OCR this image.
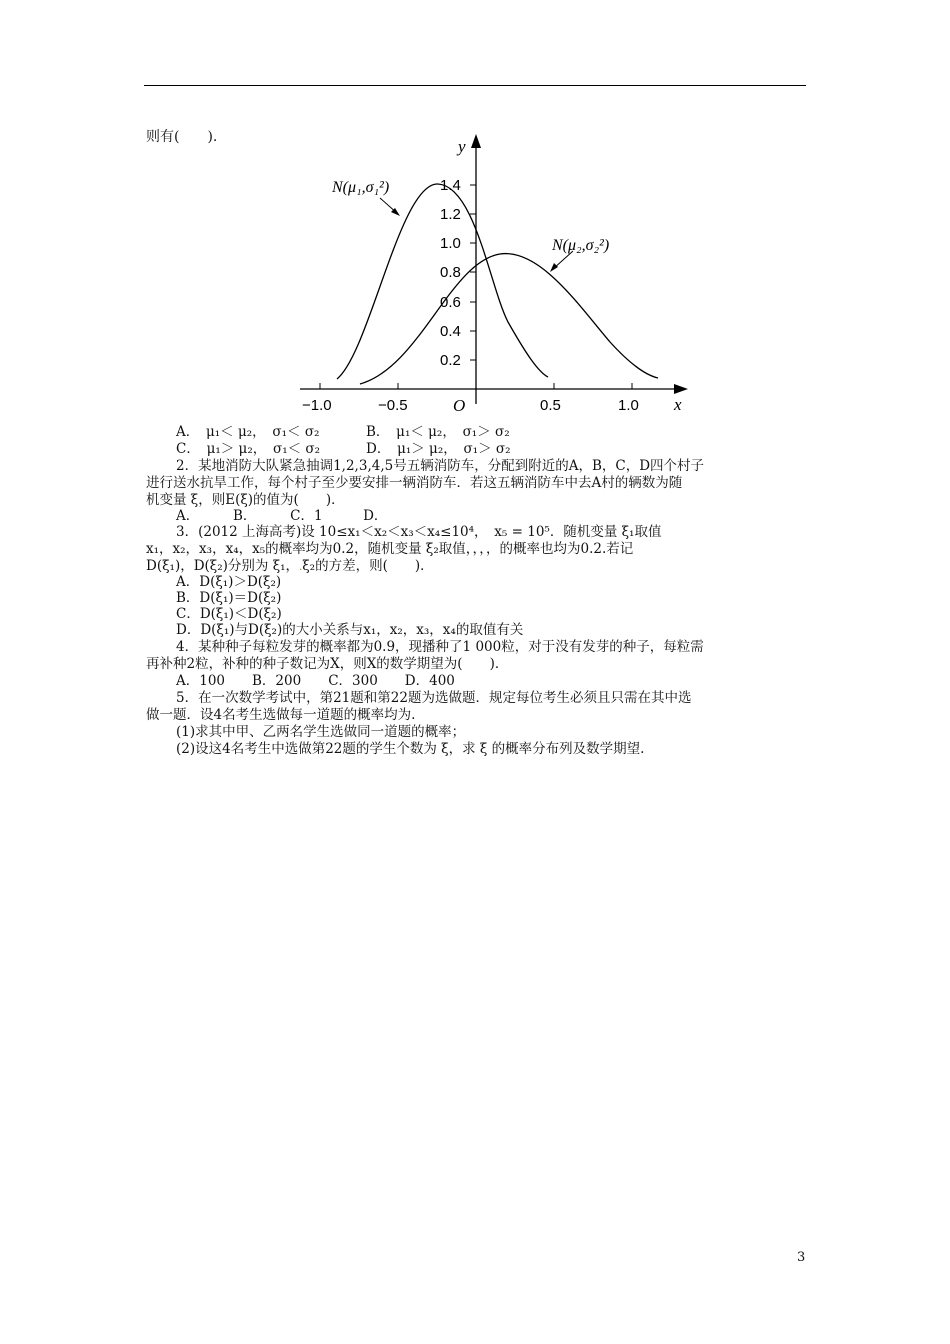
则有(　　).	y
x
O
1.4
1.2
1.0
0.8
0.6
0.4
0.2
−1.0	−0.5	0.5	1.0
N(μ₁,σ₁²)
N(μ₂,σ₂²)
A．　μ₁＜ μ₂，　σ₁＜ σ₂	B．　μ₁＜ μ₂，　σ₁＞ σ₂
C．　μ₁＞ μ₂，　σ₁＜ σ₂	D．　μ₁＞ μ₂，　σ₁＞ σ₂
2．某地消防大队紧急抽调1,2,3,4,5号五辆消防车，分配到附近的A，B，C，D四个村子
进行送水抗旱工作，每个村子至少要安排一辆消防车．若这五辆消防车中去A村的辆数为随
机变量 ξ，则E(ξ)的值为(　　)．
A．　　　B．　　　C．1　　　D．
3．(2012 上海高考)设 10≤x₁＜x₂＜x₃＜x₄≤10⁴，　x₅ = 10⁵．随机变量 ξ₁取值
x₁，x₂，x₃，x₄，x₅的概率均为0.2，随机变量 ξ₂取值，，，，的概率也均为0.2.若记
D(ξ₁)，D(ξ₂)分别为 ξ₁，.ξ₂的方差，则(　　)．
A．D(ξ₁)＞D(ξ₂)
B．D(ξ₁)＝D(ξ₂)
C．D(ξ₁)＜D(ξ₂)
D．D(ξ₁)与D(ξ₂)的大小关系与x₁，x₂，x₃，x₄的取值有关
4．某种种子每粒发芽的概率都为0.9，现播种了1 000粒，对于没有发芽的种子，每粒需
再补种2粒，补种的种子数记为X，则X的数学期望为(　　)．
A．100　　B．200　　C．300　　D．400
5．在一次数学考试中，第21题和第22题为选做题．规定每位考生必须且只需在其中选
做一题．设4名考生选做每一道题的概率均为.
(1)求其中甲、乙两名学生选做同一道题的概率；
(2)设这4名考生中选做第22题的学生个数为 ξ，求 ξ 的概率分布列及数学期望.
3
